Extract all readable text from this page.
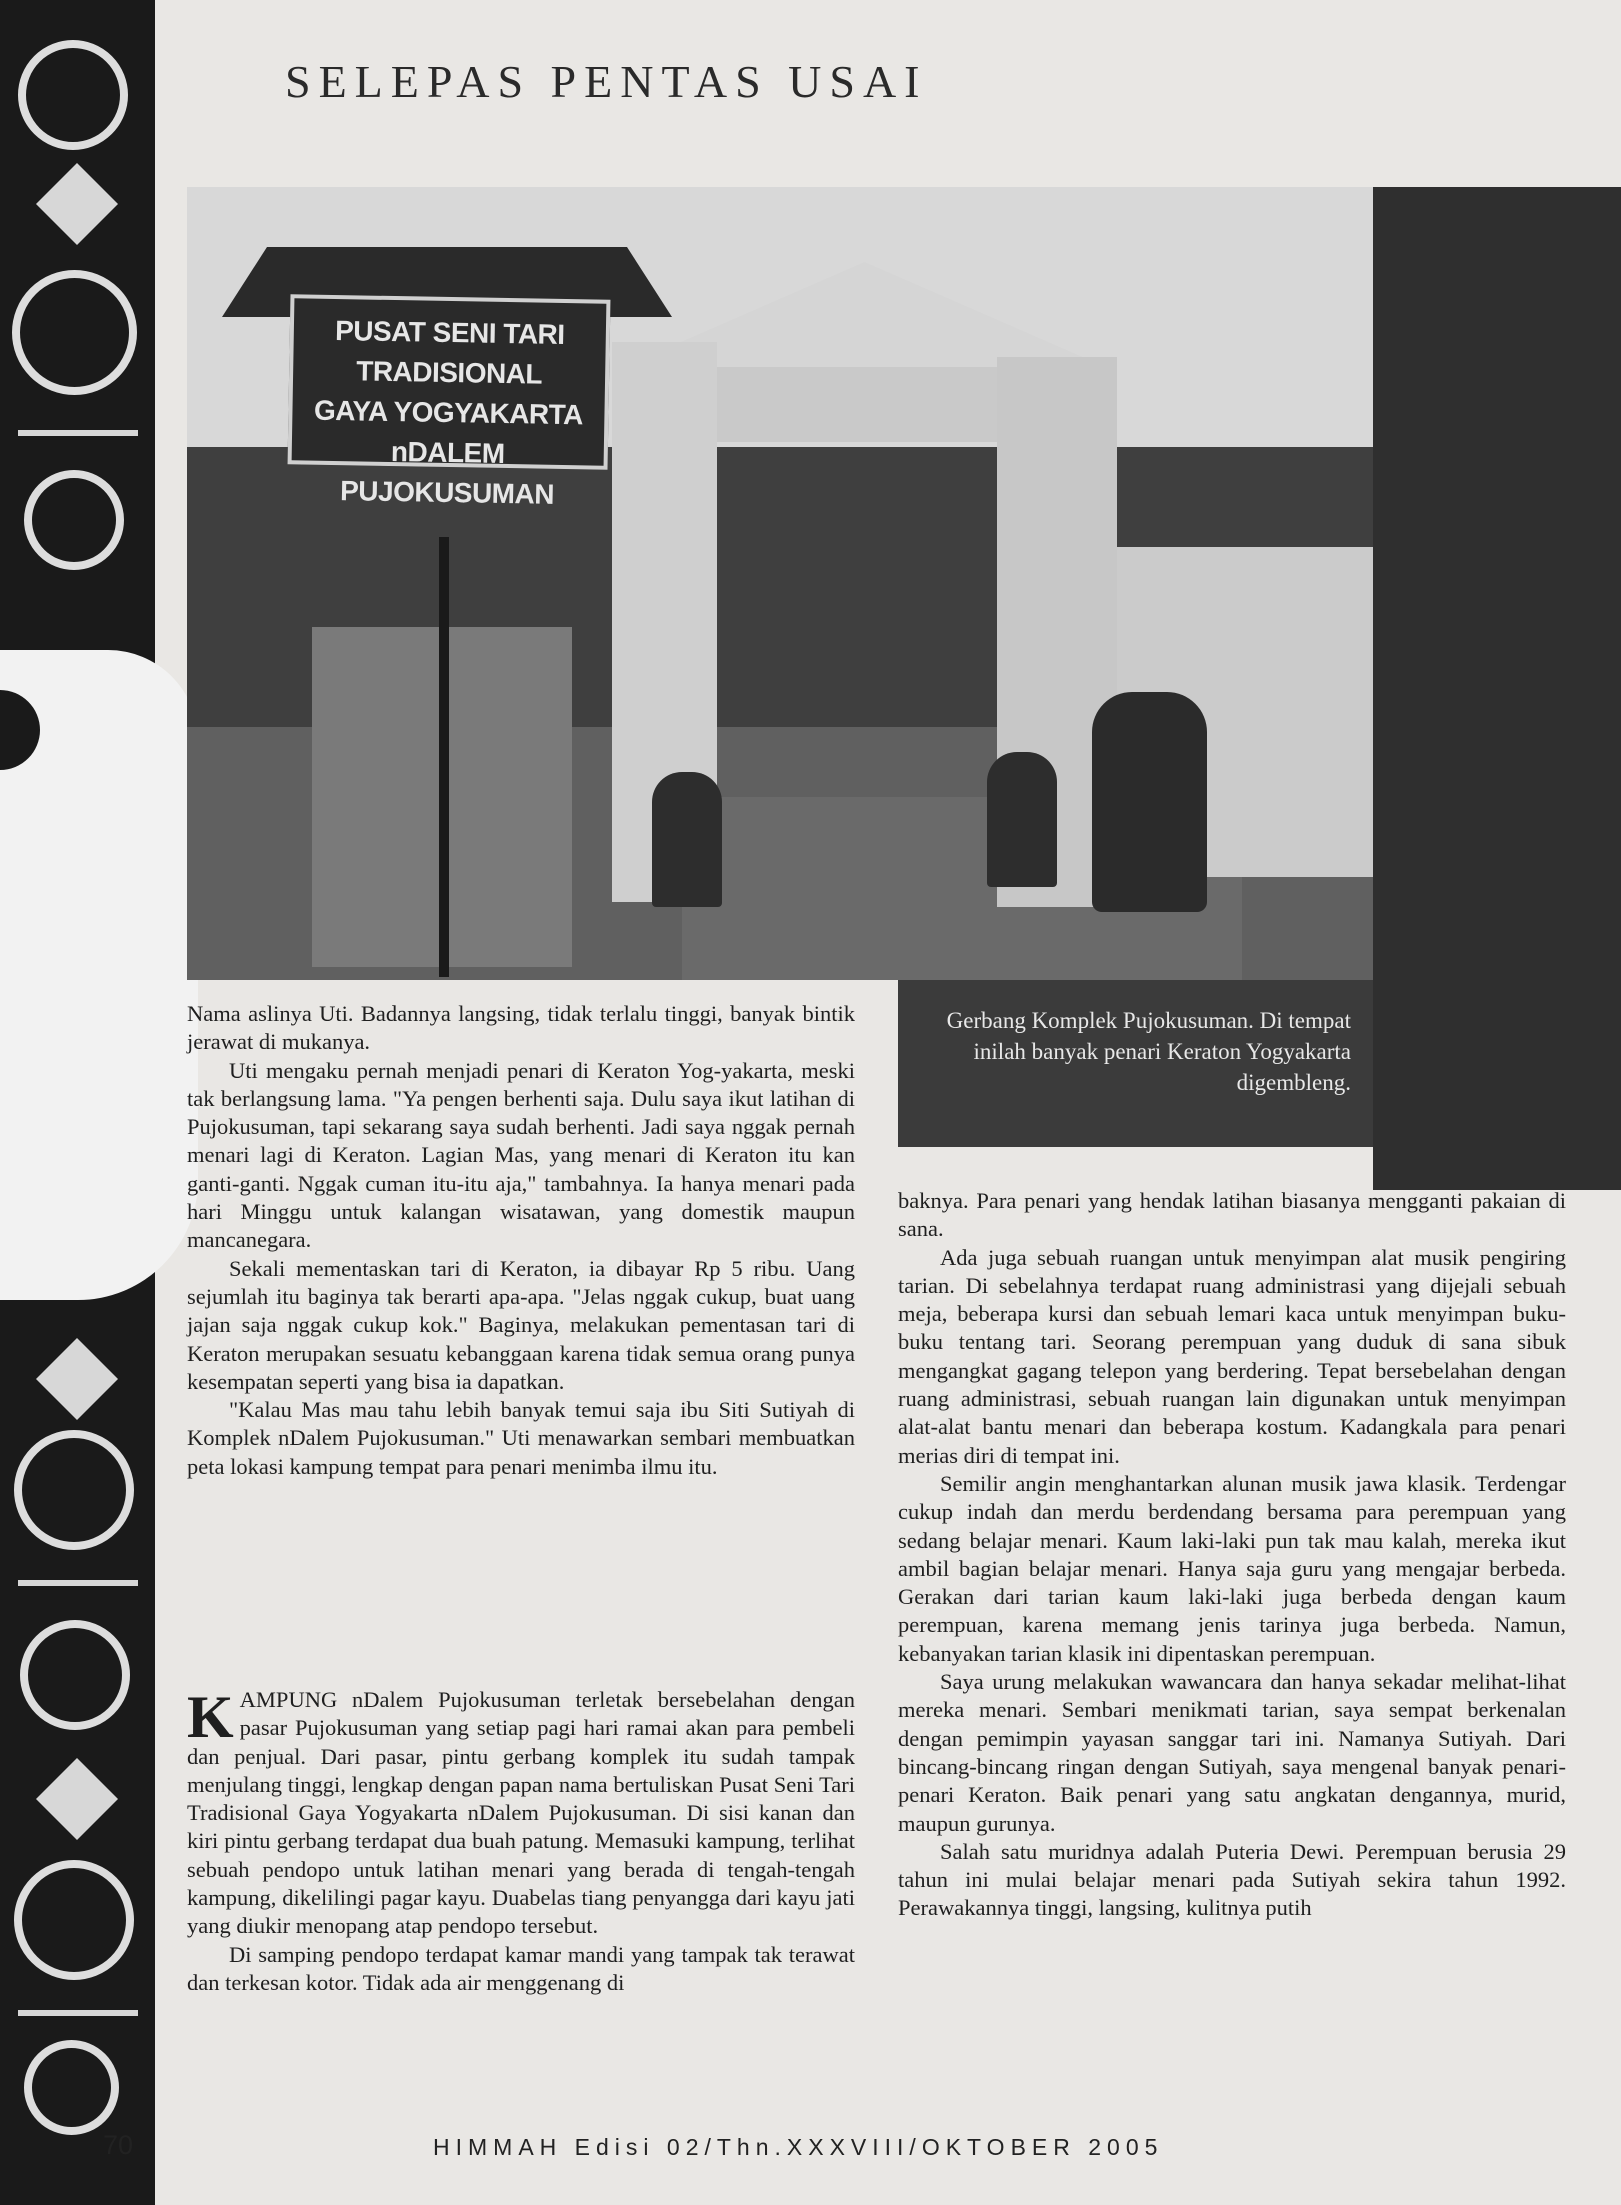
SELEPAS PENTAS USAI
PUSAT SENI TARI TRADISIONAL
GAYA YOGYAKARTA
nDALEM PUJOKUSUMAN

Gerbang Komplek Pujokusuman. Di tempat inilah banyak penari Keraton Yogyakarta digembleng.

Nama aslinya Uti. Badannya langsing, tidak terlalu tinggi, banyak bintik jerawat di mukanya.

Uti mengaku pernah menjadi penari di Keraton Yog-yakarta, meski tak berlangsung lama. "Ya pengen berhenti saja. Dulu saya ikut latihan di Pujokusuman, tapi sekarang saya sudah berhenti. Jadi saya nggak pernah menari lagi di Keraton. Lagian Mas, yang menari di Keraton itu kan ganti-ganti. Nggak cuman itu-itu aja," tambahnya. Ia hanya menari pada hari Minggu untuk kalangan wisatawan, yang domestik maupun mancanegara.

Sekali mementaskan tari di Keraton, ia dibayar Rp 5 ribu. Uang sejumlah itu baginya tak berarti apa-apa. "Jelas nggak cukup, buat uang jajan saja nggak cukup kok." Baginya, melakukan pementasan tari di Keraton merupakan sesuatu kebanggaan karena tidak semua orang punya kesempatan seperti yang bisa ia dapatkan.

"Kalau Mas mau tahu lebih banyak temui saja ibu Siti Sutiyah di Komplek nDalem Pujokusuman." Uti menawarkan sembari membuatkan peta lokasi kampung tempat para penari menimba ilmu itu.

KAMPUNG nDalem Pujokusuman terletak bersebelahan dengan pasar Pujokusuman yang setiap pagi hari ramai akan para pembeli dan penjual. Dari pasar, pintu gerbang komplek itu sudah tampak menjulang tinggi, lengkap dengan papan nama bertuliskan Pusat Seni Tari Tradisional Gaya Yogyakarta nDalem Pujokusuman. Di sisi kanan dan kiri pintu gerbang terdapat dua buah patung. Memasuki kampung, terlihat sebuah pendopo untuk latihan menari yang berada di tengah-tengah kampung, dikelilingi pagar kayu. Duabelas tiang penyangga dari kayu jati yang diukir menopang atap pendopo tersebut.

Di samping pendopo terdapat kamar mandi yang tampak tak terawat dan terkesan kotor. Tidak ada air menggenang di

baknya. Para penari yang hendak latihan biasanya mengganti pakaian di sana.

Ada juga sebuah ruangan untuk menyimpan alat musik pengiring tarian. Di sebelahnya terdapat ruang administrasi yang dijejali sebuah meja, beberapa kursi dan sebuah lemari kaca untuk menyimpan buku-buku tentang tari. Seorang perempuan yang duduk di sana sibuk mengangkat gagang telepon yang berdering. Tepat bersebelahan dengan ruang administrasi, sebuah ruangan lain digunakan untuk menyimpan alat-alat bantu menari dan beberapa kostum. Kadangkala para penari merias diri di tempat ini.

Semilir angin menghantarkan alunan musik jawa klasik. Terdengar cukup indah dan merdu berdendang bersama para perempuan yang sedang belajar menari. Kaum laki-laki pun tak mau kalah, mereka ikut ambil bagian belajar menari. Hanya saja guru yang mengajar berbeda. Gerakan dari tarian kaum laki-laki juga berbeda dengan kaum perempuan, karena memang jenis tarinya juga berbeda. Namun, kebanyakan tarian klasik ini dipentaskan perempuan.

Saya urung melakukan wawancara dan hanya sekadar melihat-lihat mereka menari. Sembari menikmati tarian, saya sempat berkenalan dengan pemimpin yayasan sanggar tari ini. Namanya Sutiyah. Dari bincang-bincang ringan dengan Sutiyah, saya mengenal banyak penari-penari Keraton. Baik penari yang satu angkatan dengannya, murid, maupun gurunya.

Salah satu muridnya adalah Puteria Dewi. Perempuan berusia 29 tahun ini mulai belajar menari pada Sutiyah sekira tahun 1992. Perawakannya tinggi, langsing, kulitnya putih

70	HIMMAH Edisi 02/Thn.XXXVIII/OKTOBER 2005
